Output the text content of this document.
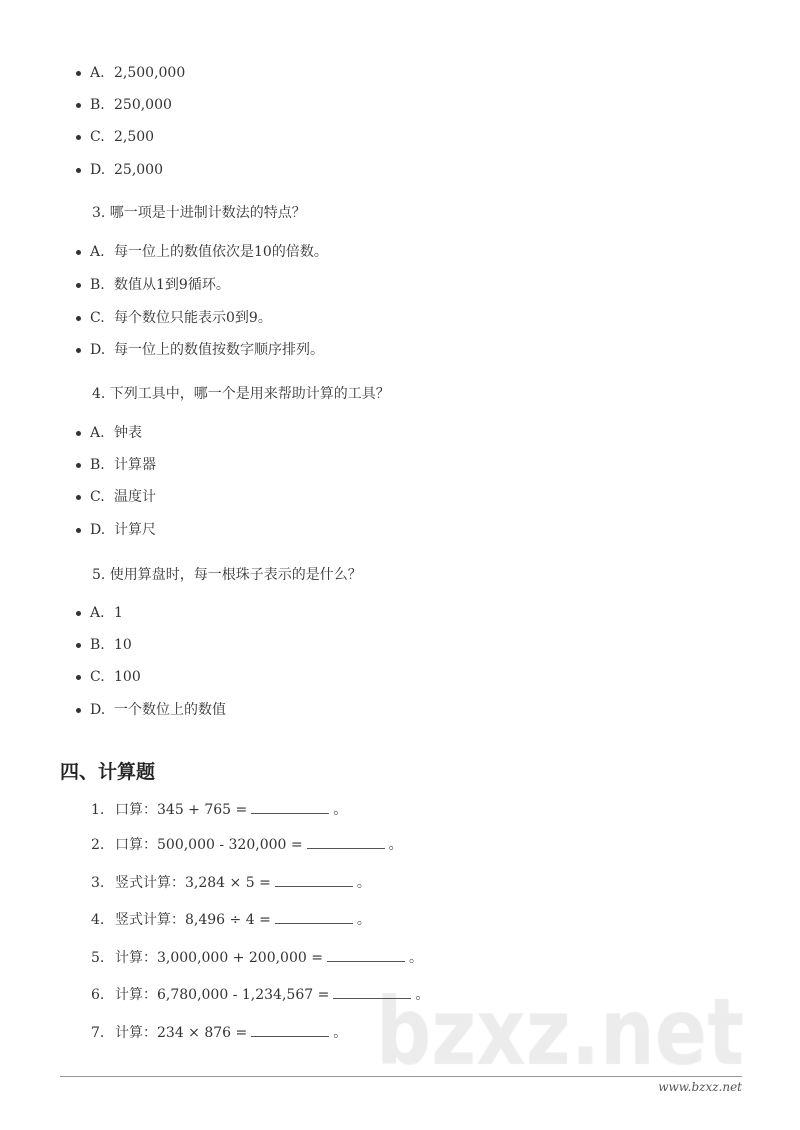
A. 2,500,000
B. 250,000
C. 2,500
D. 25,000
3. 哪一项是十进制计数法的特点？
A. 每一位上的数值依次是10的倍数。
B. 数值从1到9循环。
C. 每个数位只能表示0到9。
D. 每一位上的数值按数字顺序排列。
4. 下列工具中，哪一个是用来帮助计算的工具？
A. 钟表
B. 计算器
C. 温度计
D. 计算尺
5. 使用算盘时，每一根珠子表示的是什么？
A. 1
B. 10
C. 100
D. 一个数位上的数值
1. 口算：345 + 765 =	。
2. 口算：500,000 - 320,000 =	。
3. 竖式计算：3,284 × 5 =	。
4. 竖式计算：8,496 ÷ 4 =	。
5. 计算：3,000,000 + 200,000 =	。
6. 计算：6,780,000 - 1,234,567 =	。
7. 计算：234 × 876 =	。
四、计算题
www.bzxz.net
